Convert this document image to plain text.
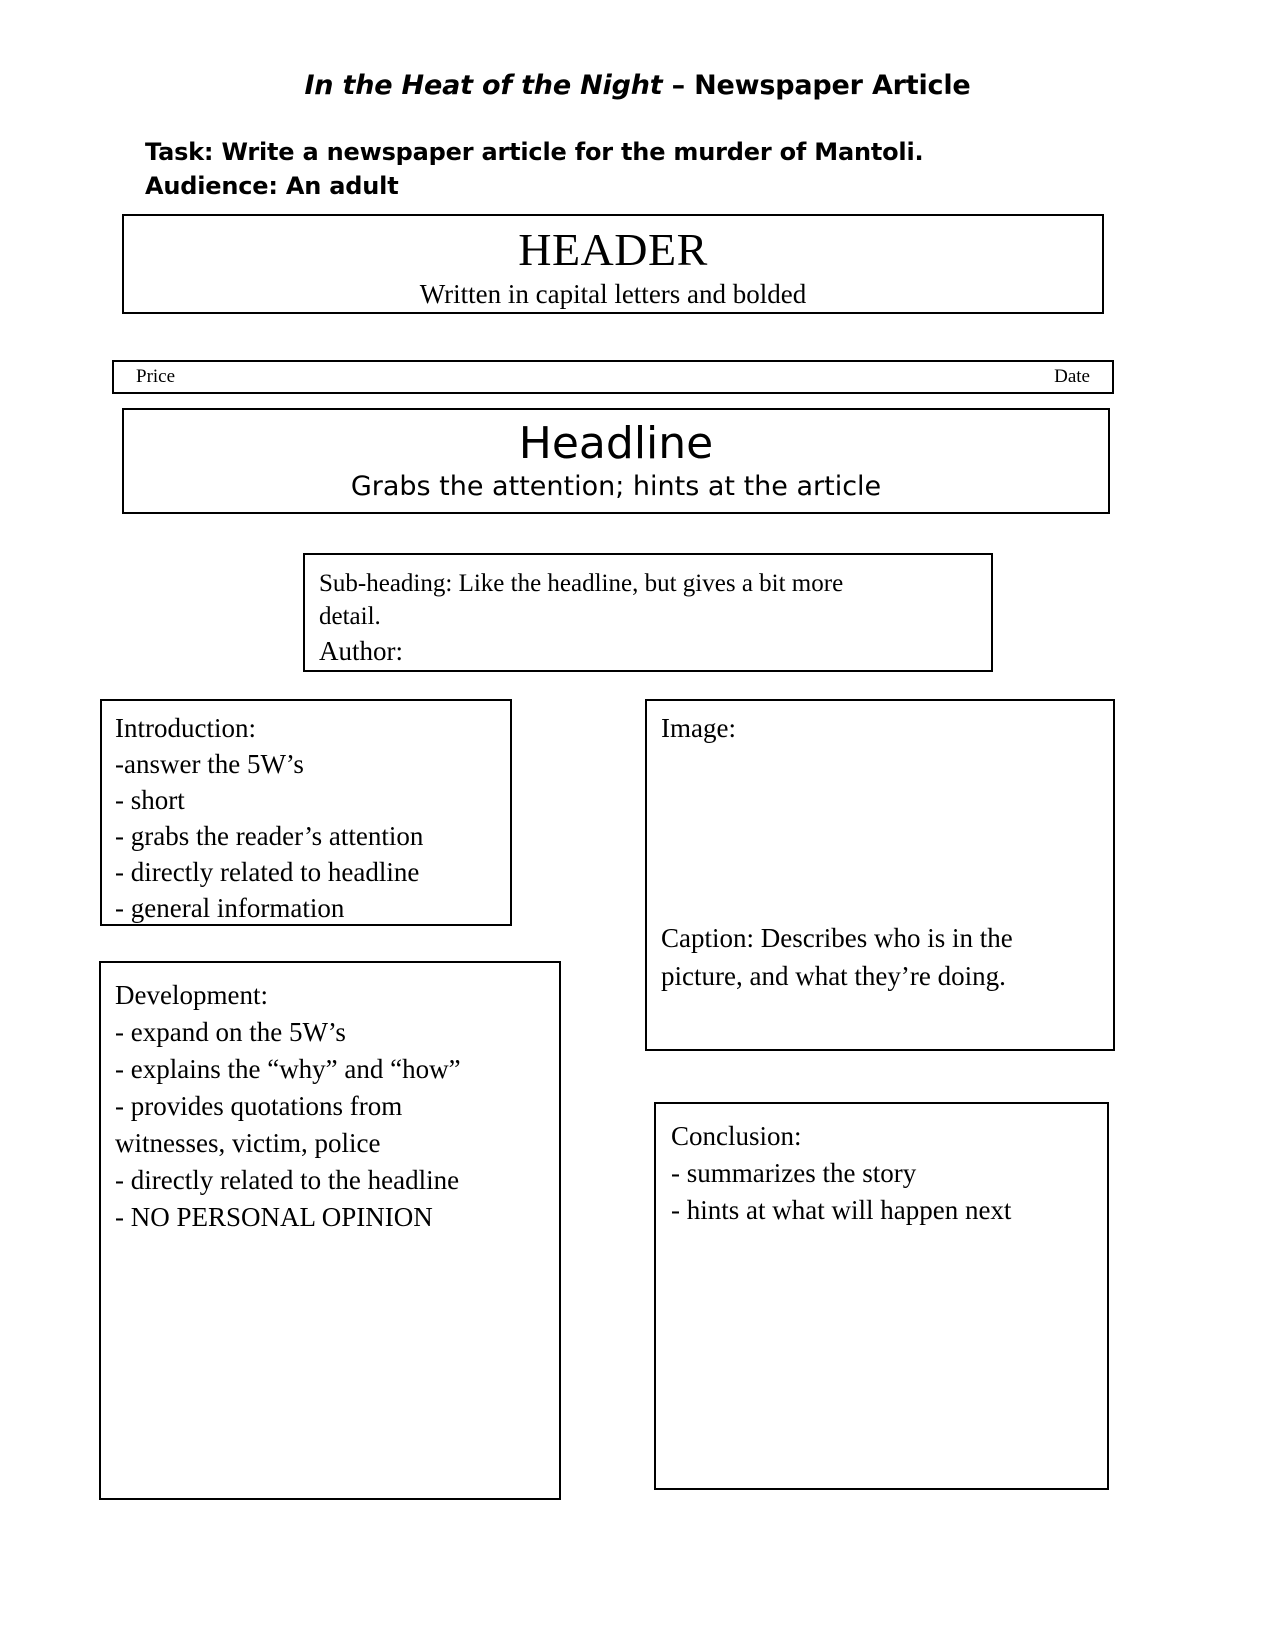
In the Heat of the Night – Newspaper Article
Task: Write a newspaper article for the murder of Mantoli.
Audience: An adult
HEADER
Written in capital letters and bolded
Price	Date
Headline
Grabs the attention; hints at the article
Sub-heading: Like the headline, but gives a bit more
detail.
Author:
Introduction:
-answer the 5W’s
- short
- grabs the reader’s attention
- directly related to headline
- general information
Development:
- expand on the 5W’s
- explains the “why” and “how”
- provides quotations from
witnesses, victim, police
- directly related to the headline
- NO PERSONAL OPINION
Image:
Caption: Describes who is in the
picture, and what they’re doing.
Conclusion:
- summarizes the story
- hints at what will happen next
